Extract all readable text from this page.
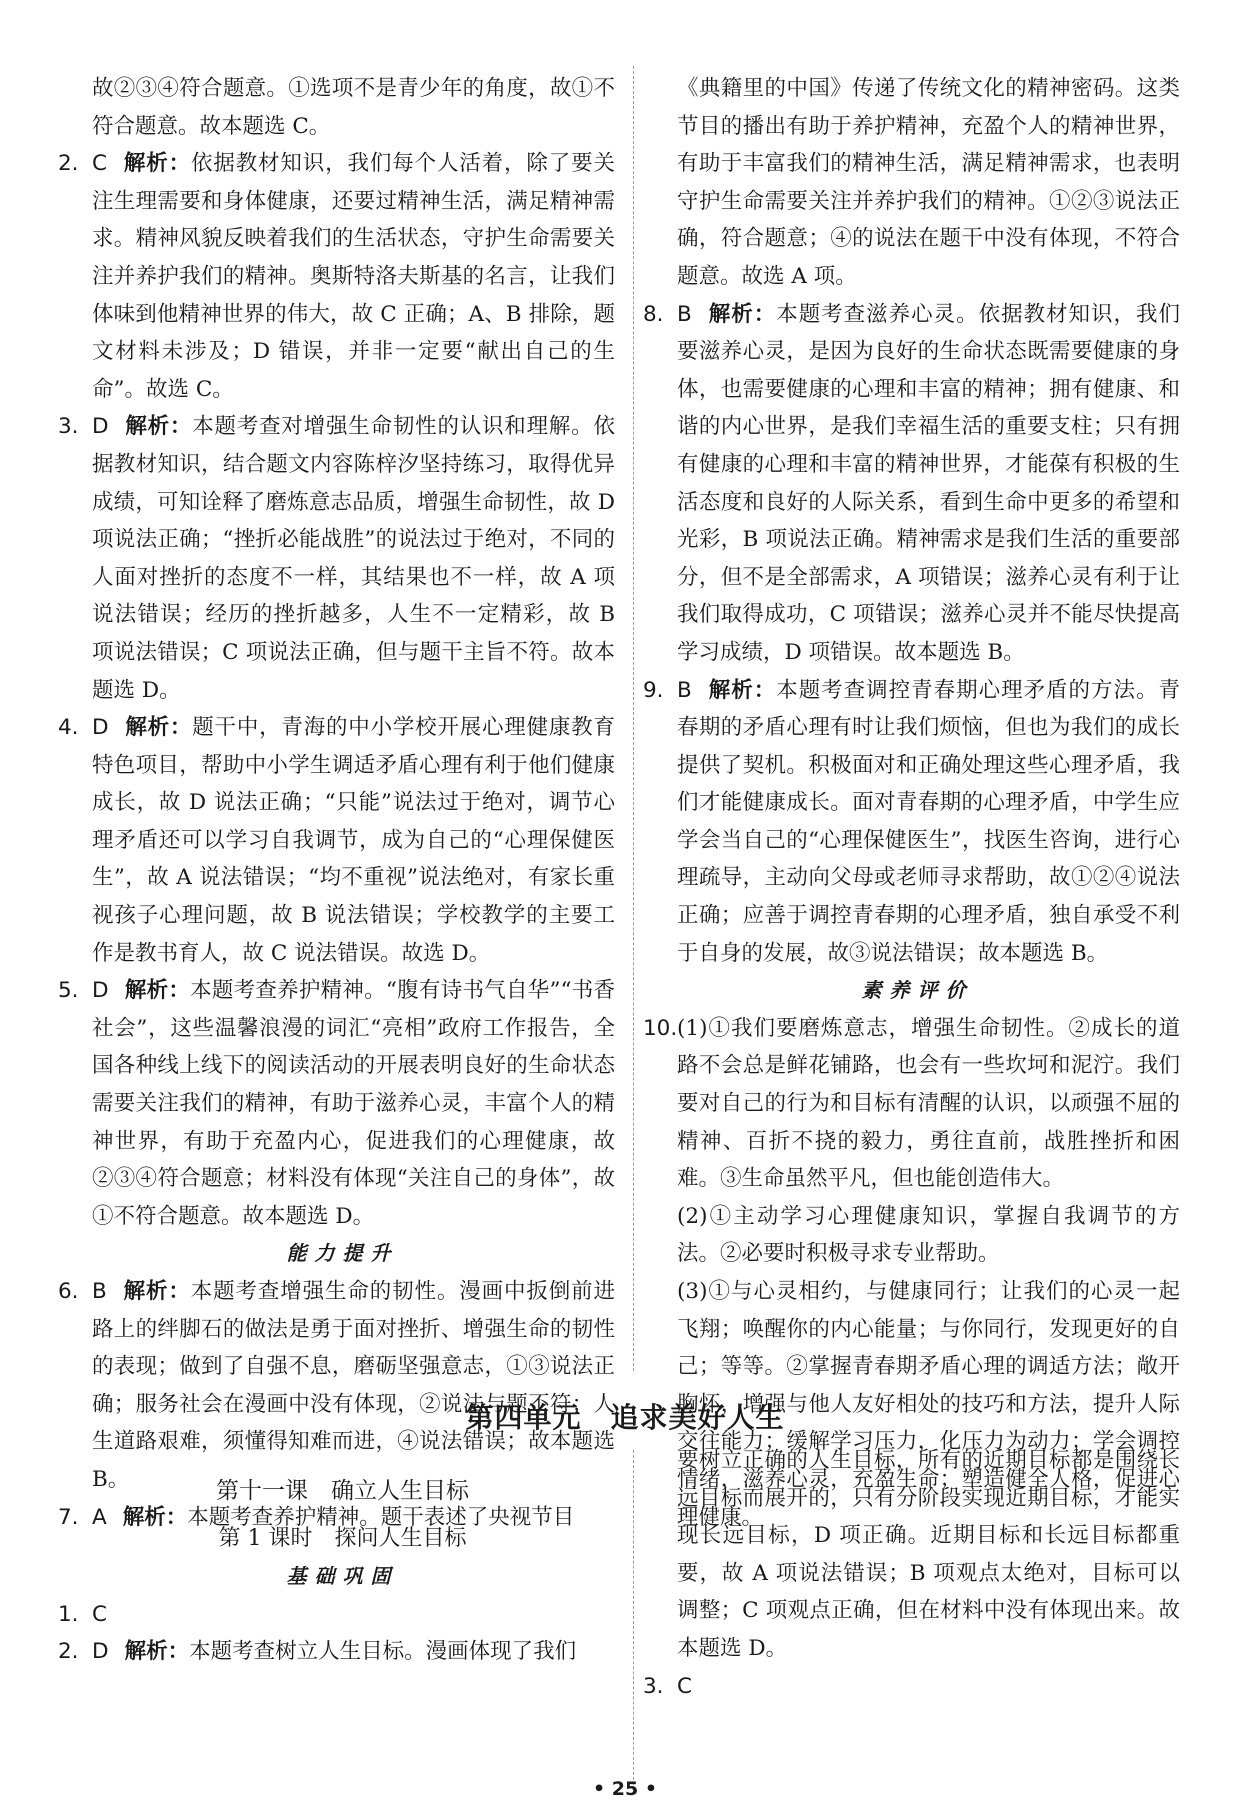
故②③④符合题意。①选项不是青少年的角度，故①不符合题意。故本题选 C。

2. C 解析：依据教材知识，我们每个人活着，除了要关注生理需要和身体健康，还要过精神生活，满足精神需求。精神风貌反映着我们的生活状态，守护生命需要关注并养护我们的精神。奥斯特洛夫斯基的名言，让我们体味到他精神世界的伟大，故 C 正确；A、B 排除，题文材料未涉及；D 错误，并非一定要“献出自己的生命”。故选 C。

3. D 解析：本题考查对增强生命韧性的认识和理解。依据教材知识，结合题文内容陈梓汐坚持练习，取得优异成绩，可知诠释了磨炼意志品质，增强生命韧性，故 D 项说法正确；“挫折必能战胜”的说法过于绝对，不同的人面对挫折的态度不一样，其结果也不一样，故 A 项说法错误；经历的挫折越多，人生不一定精彩，故 B 项说法错误；C 项说法正确，但与题干主旨不符。故本题选 D。

4. D 解析：题干中，青海的中小学校开展心理健康教育特色项目，帮助中小学生调适矛盾心理有利于他们健康成长，故 D 说法正确；“只能”说法过于绝对，调节心理矛盾还可以学习自我调节，成为自己的“心理保健医生”，故 A 说法错误；“均不重视”说法绝对，有家长重视孩子心理问题，故 B 说法错误；学校教学的主要工作是教书育人，故 C 说法错误。故选 D。

5. D 解析：本题考查养护精神。“腹有诗书气自华”“书香社会”，这些温馨浪漫的词汇“亮相”政府工作报告，全国各种线上线下的阅读活动的开展表明良好的生命状态需要关注我们的精神，有助于滋养心灵，丰富个人的精神世界，有助于充盈内心，促进我们的心理健康，故②③④符合题意；材料没有体现“关注自己的身体”，故①不符合题意。故本题选 D。

能力提升

6. B 解析：本题考查增强生命的韧性。漫画中扳倒前进路上的绊脚石的做法是勇于面对挫折、增强生命的韧性的表现；做到了自强不息，磨砺坚强意志，①③说法正确；服务社会在漫画中没有体现，②说法与题不符；人生道路艰难，须懂得知难而进，④说法错误；故本题选 B。

7. A 解析：本题考查养护精神。题干表述了央视节目

《典籍里的中国》传递了传统文化的精神密码。这类节目的播出有助于养护精神，充盈个人的精神世界，有助于丰富我们的精神生活，满足精神需求，也表明守护生命需要关注并养护我们的精神。①②③说法正确，符合题意；④的说法在题干中没有体现，不符合题意。故选 A 项。

8. B 解析：本题考查滋养心灵。依据教材知识，我们要滋养心灵，是因为良好的生命状态既需要健康的身体，也需要健康的心理和丰富的精神；拥有健康、和谐的内心世界，是我们幸福生活的重要支柱；只有拥有健康的心理和丰富的精神世界，才能葆有积极的生活态度和良好的人际关系，看到生命中更多的希望和光彩，B 项说法正确。精神需求是我们生活的重要部分，但不是全部需求，A 项错误；滋养心灵有利于让我们取得成功，C 项错误；滋养心灵并不能尽快提高学习成绩，D 项错误。故本题选 B。

9. B 解析：本题考查调控青春期心理矛盾的方法。青春期的矛盾心理有时让我们烦恼，但也为我们的成长提供了契机。积极面对和正确处理这些心理矛盾，我们才能健康成长。面对青春期的心理矛盾，中学生应学会当自己的“心理保健医生”，找医生咨询，进行心理疏导，主动向父母或老师寻求帮助，故①②④说法正确；应善于调控青春期的心理矛盾，独自承受不利于自身的发展，故③说法错误；故本题选 B。

素养评价

10. (1)①我们要磨炼意志，增强生命韧性。②成长的道路不会总是鲜花铺路，也会有一些坎坷和泥泞。我们要对自己的行为和目标有清醒的认识，以顽强不屈的精神、百折不挠的毅力，勇往直前，战胜挫折和困难。③生命虽然平凡，但也能创造伟大。

(2)①主动学习心理健康知识，掌握自我调节的方法。②必要时积极寻求专业帮助。

(3)①与心灵相约，与健康同行；让我们的心灵一起飞翔；唤醒你的内心能量；与你同行，发现更好的自己；等等。②掌握青春期矛盾心理的调适方法；敞开胸怀，增强与他人友好相处的技巧和方法，提升人际交往能力；缓解学习压力，化压力为动力；学会调控情绪，滋养心灵，充盈生命；塑造健全人格，促进心理健康。

第四单元　追求美好人生
第十一课　确立人生目标
第 1 课时　探问人生目标
基础巩固

1. C

2. D 解析：本题考查树立人生目标。漫画体现了我们

要树立正确的人生目标，所有的近期目标都是围绕长远目标而展开的，只有分阶段实现近期目标，才能实现长远目标，D 项正确。近期目标和长远目标都重要，故 A 项说法错误；B 项观点太绝对，目标可以调整；C 项观点正确，但在材料中没有体现出来。故本题选 D。

3. C

• 25 •
